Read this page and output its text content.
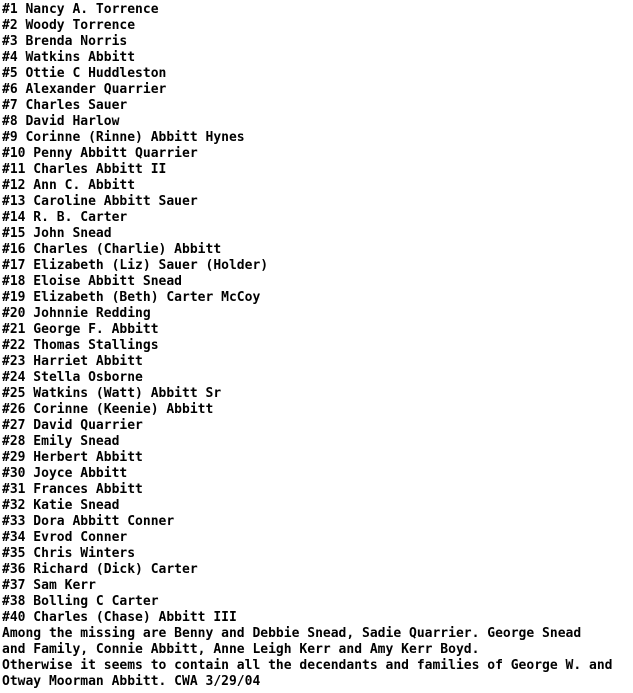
#1 Nancy A. Torrence
#2 Woody Torrence
#3 Brenda Norris
#4 Watkins Abbitt
#5 Ottie C Huddleston
#6 Alexander Quarrier
#7 Charles Sauer
#8 David Harlow
#9 Corinne (Rinne) Abbitt Hynes
#10 Penny Abbitt Quarrier
#11 Charles Abbitt II
#12 Ann C. Abbitt
#13 Caroline Abbitt Sauer
#14 R. B. Carter
#15 John Snead
#16 Charles (Charlie) Abbitt
#17 Elizabeth (Liz) Sauer (Holder)
#18 Eloise Abbitt Snead
#19 Elizabeth (Beth) Carter McCoy
#20 Johnnie Redding
#21 George F. Abbitt
#22 Thomas Stallings
#23 Harriet Abbitt
#24 Stella Osborne
#25 Watkins (Watt) Abbitt Sr
#26 Corinne (Keenie) Abbitt
#27 David Quarrier
#28 Emily Snead
#29 Herbert Abbitt
#30 Joyce Abbitt
#31 Frances Abbitt
#32 Katie Snead
#33 Dora Abbitt Conner
#34 Evrod Conner
#35 Chris Winters
#36 Richard (Dick) Carter
#37 Sam Kerr
#38 Bolling C Carter
#40 Charles (Chase) Abbitt III
Among the missing are Benny and Debbie Snead, Sadie Quarrier. George Snead
and Family, Connie Abbitt, Anne Leigh Kerr and Amy Kerr Boyd.
Otherwise it seems to contain all the decendants and families of George W. and
Otway Moorman Abbitt. CWA 3/29/04
